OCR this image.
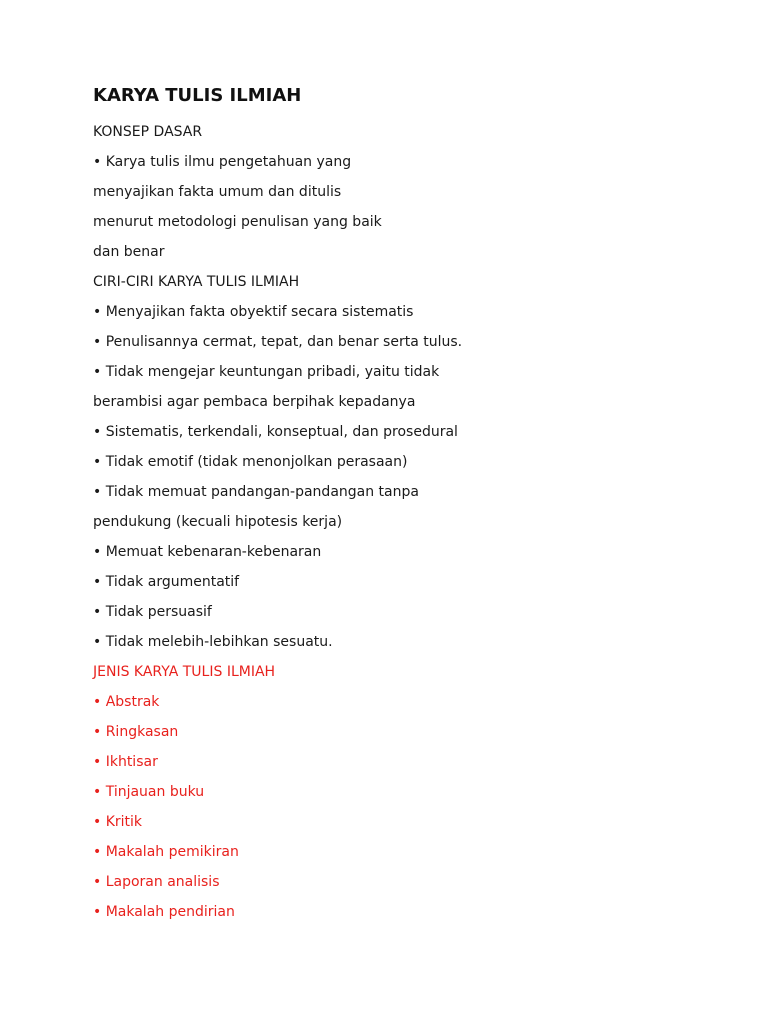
KARYA TULIS ILMIAH
KONSEP DASAR
• Karya tulis ilmu pengetahuan yang
menyajikan fakta umum dan ditulis
menurut metodologi penulisan yang baik
dan benar
CIRI-CIRI KARYA TULIS ILMIAH
• Menyajikan fakta obyektif secara sistematis
• Penulisannya cermat, tepat, dan benar serta tulus.
• Tidak mengejar keuntungan pribadi, yaitu tidak
berambisi agar pembaca berpihak kepadanya
• Sistematis, terkendali, konseptual, dan prosedural
• Tidak emotif (tidak menonjolkan perasaan)
• Tidak memuat pandangan-pandangan tanpa
pendukung (kecuali hipotesis kerja)
• Memuat kebenaran-kebenaran
• Tidak argumentatif
• Tidak persuasif
• Tidak melebih-lebihkan sesuatu.
JENIS KARYA TULIS ILMIAH
• Abstrak
• Ringkasan
• Ikhtisar
• Tinjauan buku
• Kritik
• Makalah pemikiran
• Laporan analisis
• Makalah pendirian
